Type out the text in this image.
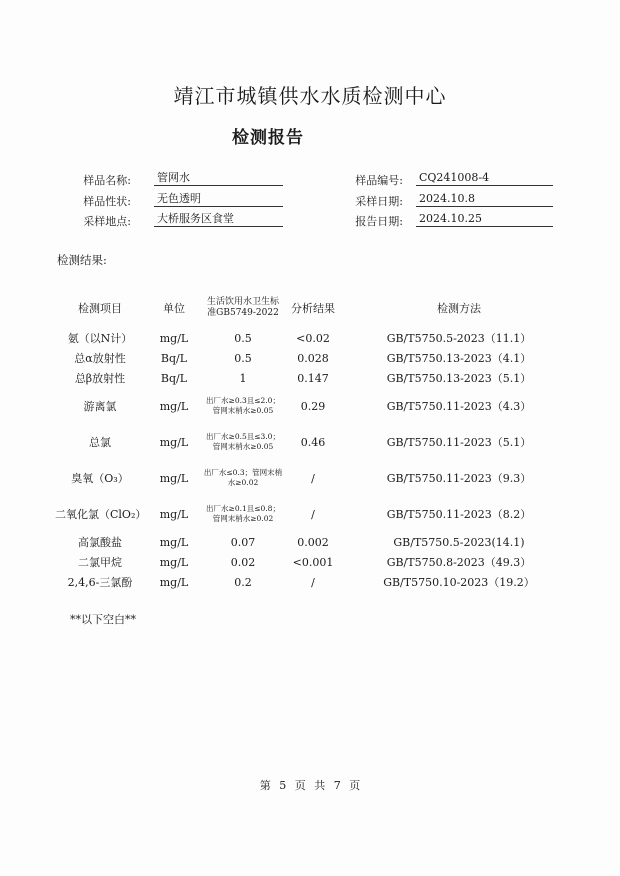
靖江市城镇供水水质检测中心
检测报告
样品名称: 管网水	样品编号: CQ241008-4
样品性状: 无色透明	采样日期: 2024.10.8
采样地点: 大桥服务区食堂	报告日期: 2024.10.25
检测结果:
检测项目	单位	生活饮用水卫生标准GB5749-2022	分析结果	检测方法
氨（以N计）	mg/L	0.5	<0.02	GB/T5750.5-2023（11.1）
总α放射性	Bq/L	0.5	0.028	GB/T5750.13-2023（4.1）
总β放射性	Bq/L	1	0.147	GB/T5750.13-2023（5.1）
游离氯	mg/L	出厂水≥0.3且≤2.0；管网末梢水≥0.05	0.29	GB/T5750.11-2023（4.3）
总氯	mg/L	出厂水≥0.5且≤3.0；管网末梢水≥0.05	0.46	GB/T5750.11-2023（5.1）
臭氧（O₃）	mg/L	出厂水≤0.3；管网末梢水≥0.02	/	GB/T5750.11-2023（9.3）
二氧化氯（ClO₂）	mg/L	出厂水≥0.1且≤0.8；管网末梢水≥0.02	/	GB/T5750.11-2023（8.2）
高氯酸盐	mg/L	0.07	0.002	GB/T5750.5-2023(14.1)
二氯甲烷	mg/L	0.02	<0.001	GB/T5750.8-2023（49.3）
2,4,6-三氯酚	mg/L	0.2	/	GB/T5750.10-2023（19.2）
**以下空白**
第 5 页 共 7 页
